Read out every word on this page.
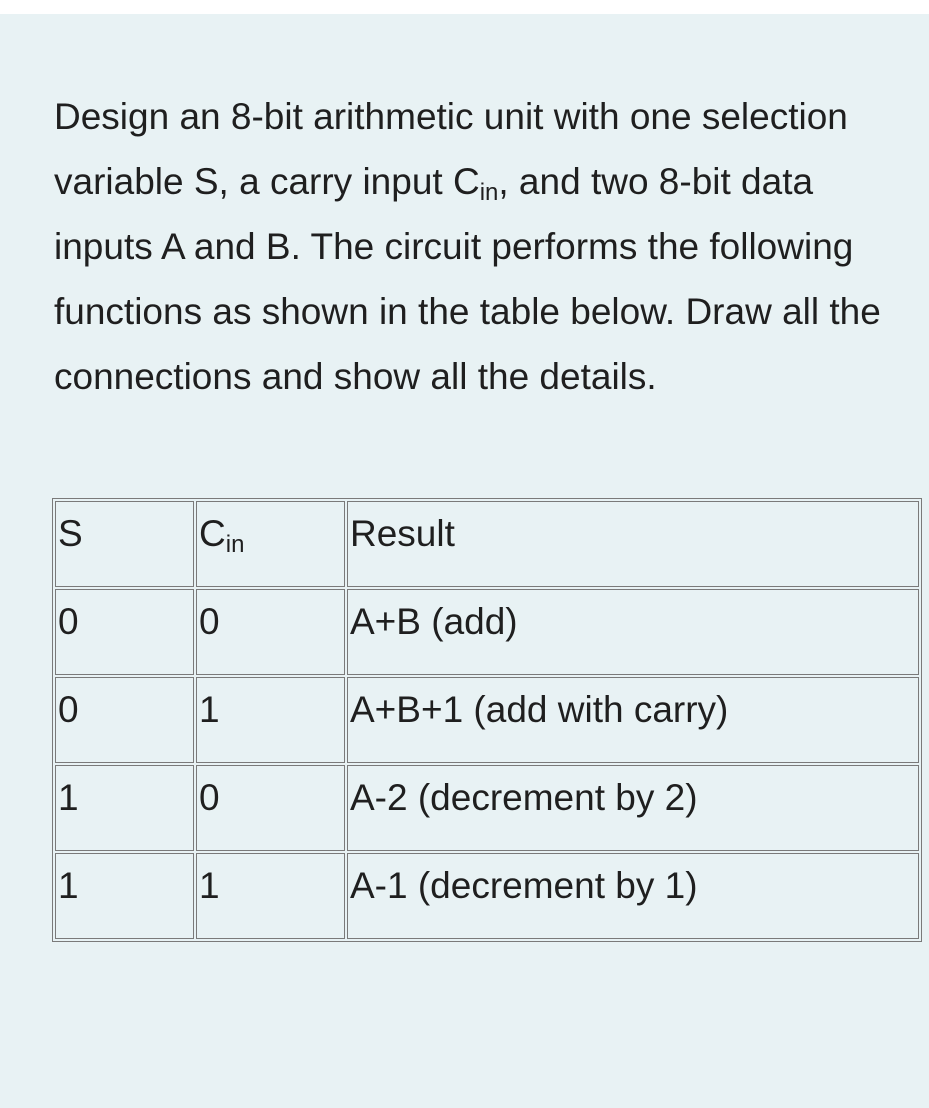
Design an 8-bit arithmetic unit with one selection variable S, a carry input $C_{in}$, and two 8-bit data inputs A and B. The circuit performs the following functions as shown in the table below. Draw all the connections and show all the details.

S	$C_{in}$	Result
0	0	A+B (add)
0	1	A+B+1 (add with carry)
1	0	A-2 (decrement by 2)
1	1	A-1 (decrement by 1)
